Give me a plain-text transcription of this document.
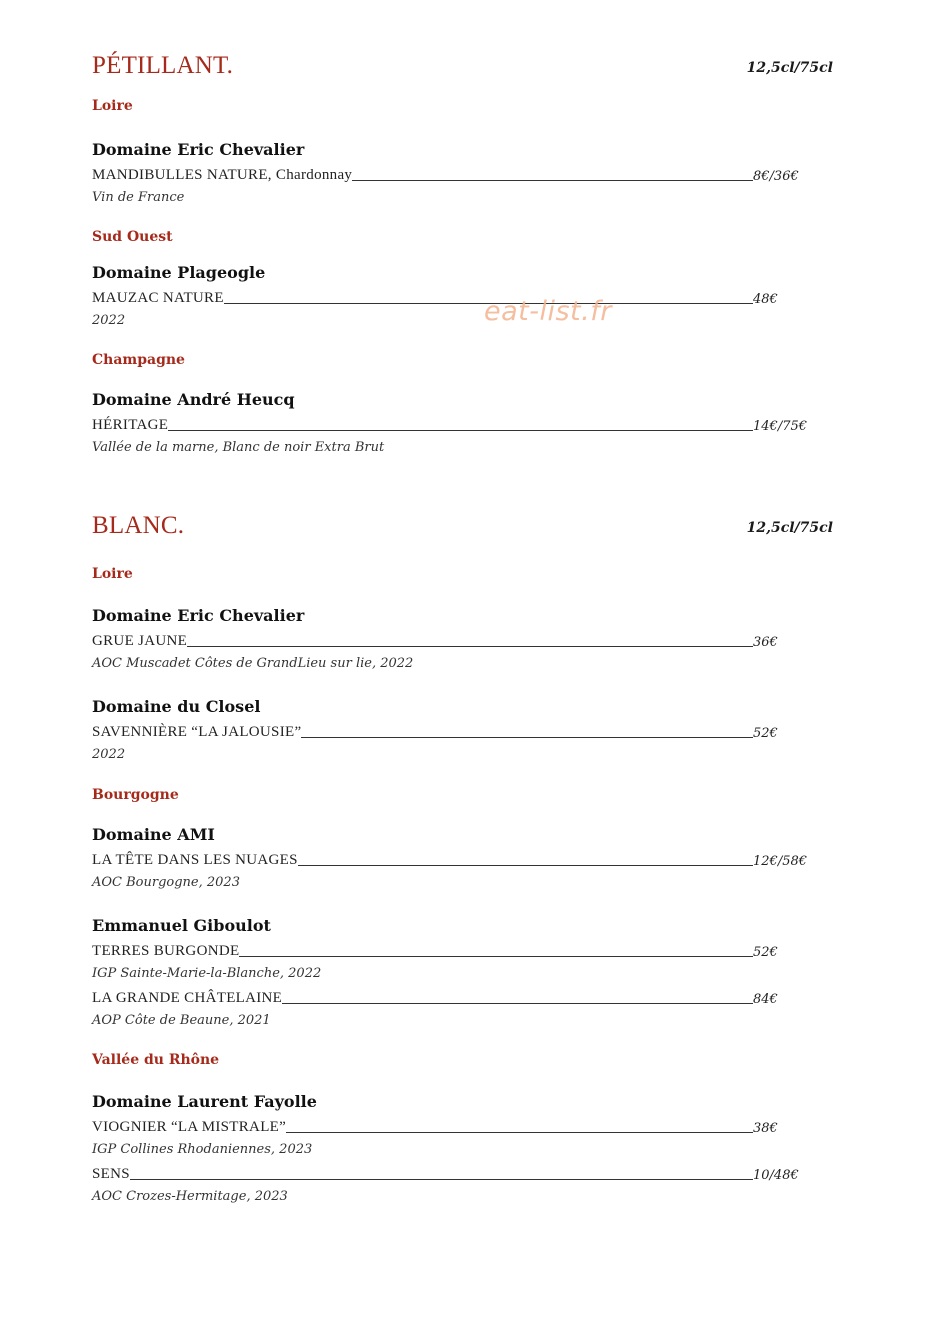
PÉTILLANT.	12,5cl/75cl
Loire
Domaine Eric Chevalier
MANDIBULLES NATURE, Chardonnay	8€/36€
Vin de France
Sud Ouest
Domaine Plageogle
MAUZAC NATURE	48€
2022
Champagne
Domaine André Heucq
HÉRITAGE	14€/75€
Vallée de la marne, Blanc de noir Extra Brut
BLANC.	12,5cl/75cl
Loire
Domaine Eric Chevalier
GRUE JAUNE	36€
AOC Muscadet Côtes de GrandLieu sur lie, 2022
Domaine du Closel
SAVENNIÈRE “LA JALOUSIE”	52€
2022
Bourgogne
Domaine AMI
LA TÊTE DANS LES NUAGES	12€/58€
AOC Bourgogne, 2023
Emmanuel Giboulot
TERRES BURGONDE	52€
IGP Sainte-Marie-la-Blanche, 2022
LA GRANDE CHÂTELAINE	84€
AOP Côte de Beaune, 2021
Vallée du Rhône
Domaine Laurent Fayolle
VIOGNIER “LA MISTRALE”	38€
IGP Collines Rhodaniennes, 2023
SENS	10/48€
AOC Crozes-Hermitage, 2023
eat-list.fr
